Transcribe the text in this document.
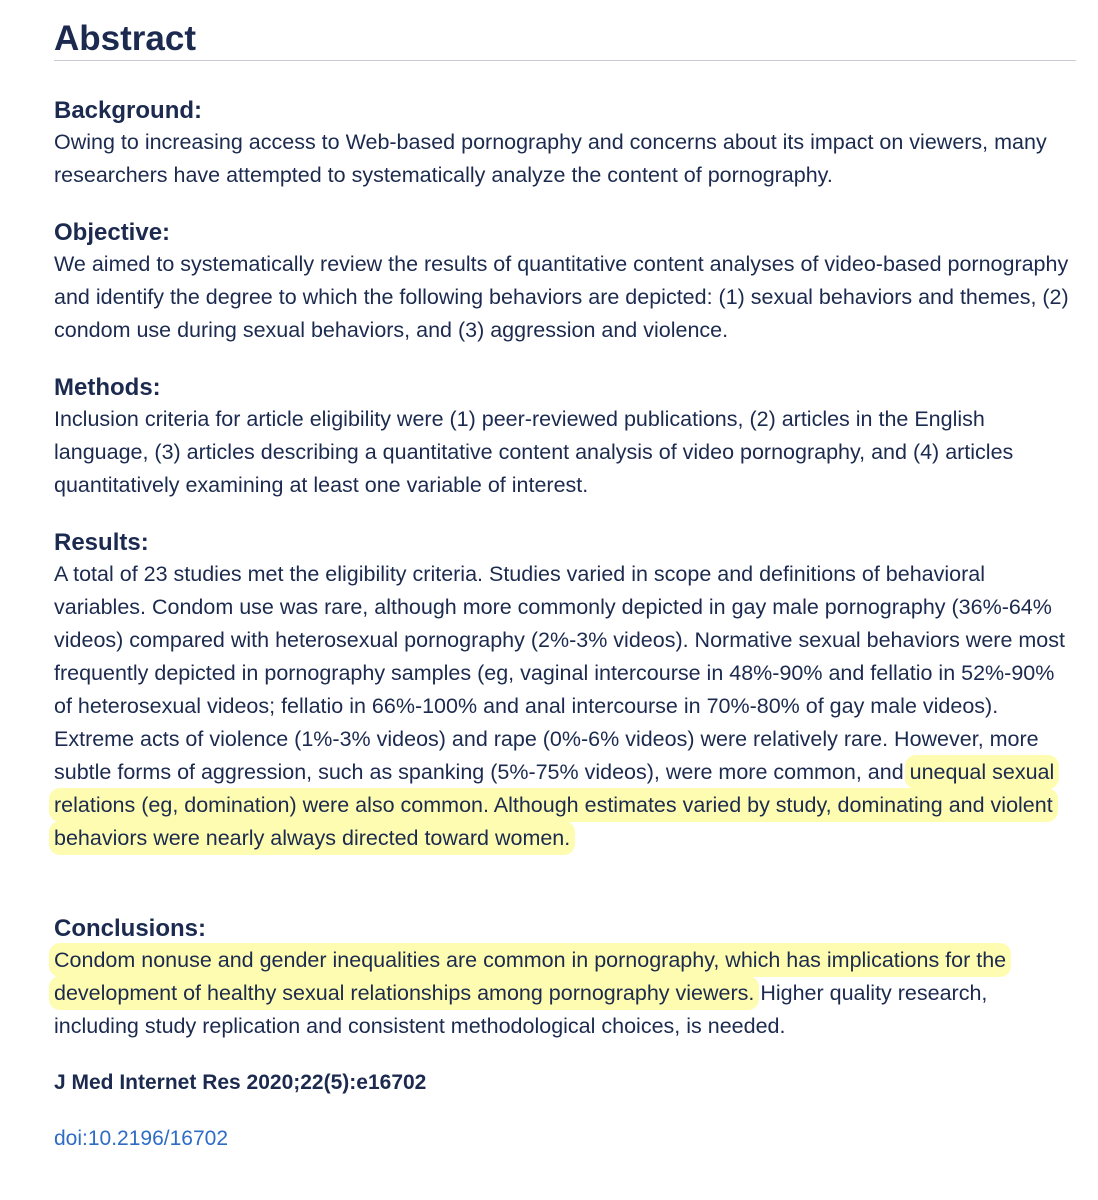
Abstract
Background:

Owing to increasing access to Web-based pornography and concerns about its impact on viewers, many researchers have attempted to systematically analyze the content of pornography.

Objective:

We aimed to systematically review the results of quantitative content analyses of video-based pornography and identify the degree to which the following behaviors are depicted: (1) sexual behaviors and themes, (2) condom use during sexual behaviors, and (3) aggression and violence.

Methods:

Inclusion criteria for article eligibility were (1) peer-reviewed publications, (2) articles in the English language, (3) articles describing a quantitative content analysis of video pornography, and (4) articles quantitatively examining at least one variable of interest.

Results:

A total of 23 studies met the eligibility criteria. Studies varied in scope and definitions of behavioral variables. Condom use was rare, although more commonly depicted in gay male pornography (36%-64% videos) compared with heterosexual pornography (2%-3% videos). Normative sexual behaviors were most frequently depicted in pornography samples (eg, vaginal intercourse in 48%-90% and fellatio in 52%-90% of heterosexual videos; fellatio in 66%-100% and anal intercourse in 70%-80% of gay male videos). Extreme acts of violence (1%-3% videos) and rape (0%-6% videos) were relatively rare. However, more subtle forms of aggression, such as spanking (5%-75% videos), were more common, and unequal sexual relations (eg, domination) were also common. Although estimates varied by study, dominating and violent behaviors were nearly always directed toward women.

Conclusions:

Condom nonuse and gender inequalities are common in pornography, which has implications for the development of healthy sexual relationships among pornography viewers. Higher quality research, including study replication and consistent methodological choices, is needed.

J Med Internet Res 2020;22(5):e16702
doi:10.2196/16702
